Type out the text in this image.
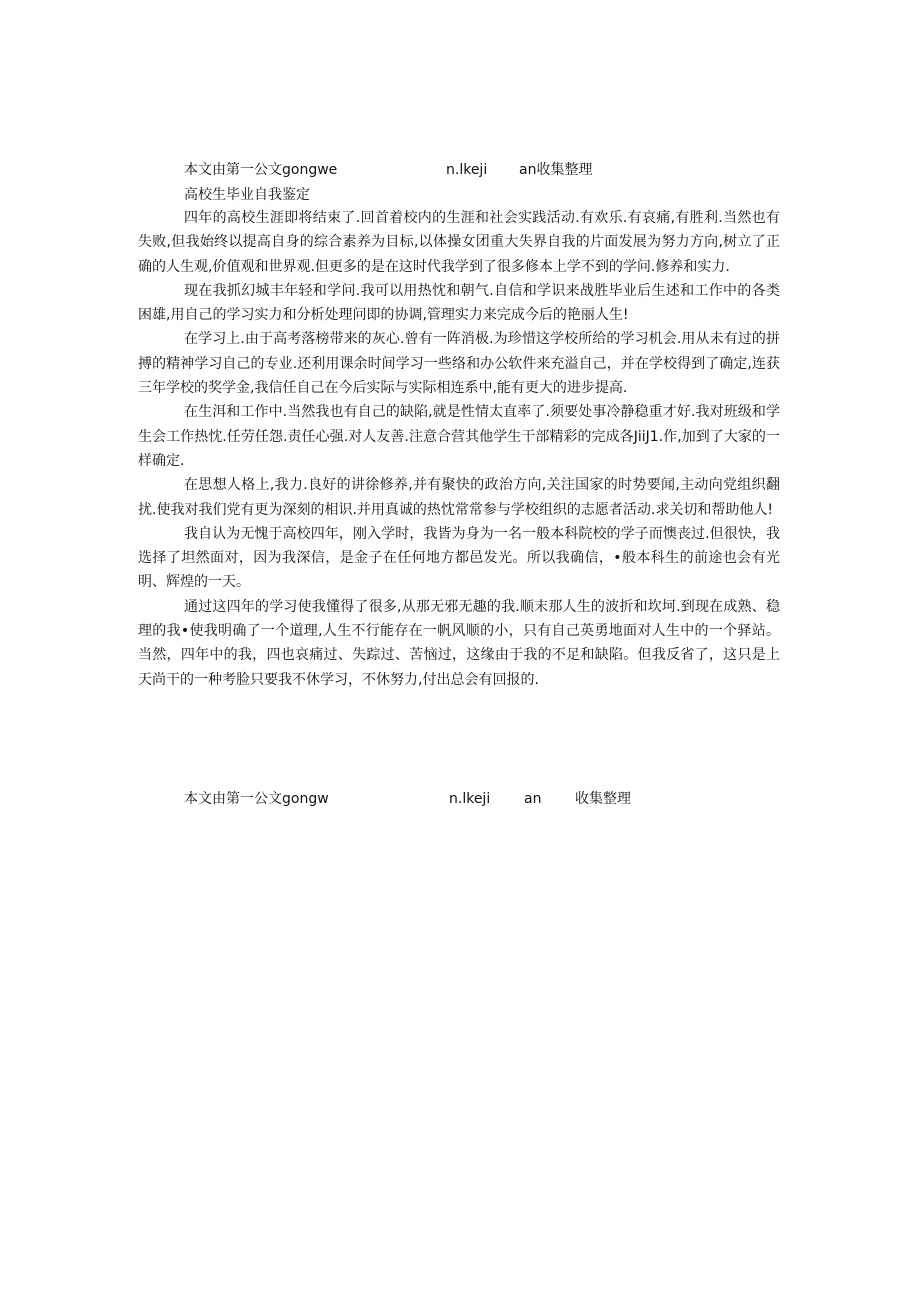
本文由第一公文gongwe	n.lkeji an收集整理
高校生毕业自我鉴定

四年的高校生涯即将结束了.回首着校内的生涯和社会实践活动.有欢乐.有哀痛,有胜利.当然也有失败,但我始终以提高自身的综合素养为目标,以体操女团重大失界自我的片面发展为努力方向,树立了正确的人生观,价值观和世界观.但更多的是在这时代我学到了很多修本上学不到的学问.修养和实力.

现在我抓幻城丰年轻和学问.我可以用热忱和朝气.自信和学识来战胜毕业后生述和工作中的各类困雄,用自己的学习实力和分析处理问即的协调,管理实力来完成今后的艳丽人生!

在学习上.由于高考落榜带来的灰心.曾有一阵消极.为珍惜这学校所给的学习机会.用从未有过的拼搏的精神学习自己的专业.还利用课余时间学习一些络和办公软件来充溢自己，并在学校得到了确定,连获三年学校的奖学金,我信任自己在今后实际与实际相连系中,能有更大的进步提高.

在生洱和工作中.当然我也有自己的缺陷,就是性情太直率了.须要处事冷静稳重才好.我对班级和学生会工作热忱.任劳任怨.责任心强.对人友善.注意合营其他学生干部精彩的完成各JiiJ1.作,加到了大家的一样确定.

在思想人格上,我力.良好的讲徐修养,并有聚快的政治方向,关注国家的时势要闻,主动向党组织翻扰.使我对我们党有更为深刻的相识.并用真诚的热忱常常参与学校组织的志愿者活动.求关切和帮助他人!

我自认为无愧于高校四年，刚入学时，我皆为身为一名一般本科院校的学子而懊丧过.但很快，我选择了坦然面对，因为我深信，是金子在任何地方都邑发光。所以我确信，•般本科生的前途也会有光明、辉煌的一天。

通过这四年的学习使我懂得了很多,从那无邪无趣的我.顺末那人生的波折和坎坷.到现在成熟、稳理的我•使我明确了一个道理,人生不行能存在一帆风顺的小，只有自己英勇地面对人生中的一个驿站。当然，四年中的我，四也哀痛过、失踪过、苦恼过，这缘由于我的不足和缺陷。但我反省了，这只是上天尚干的一种考脸只要我不休学习，不休努力,付出总会有回报的.

本文由第一公文gongw	n.lkeji an 收集整理
